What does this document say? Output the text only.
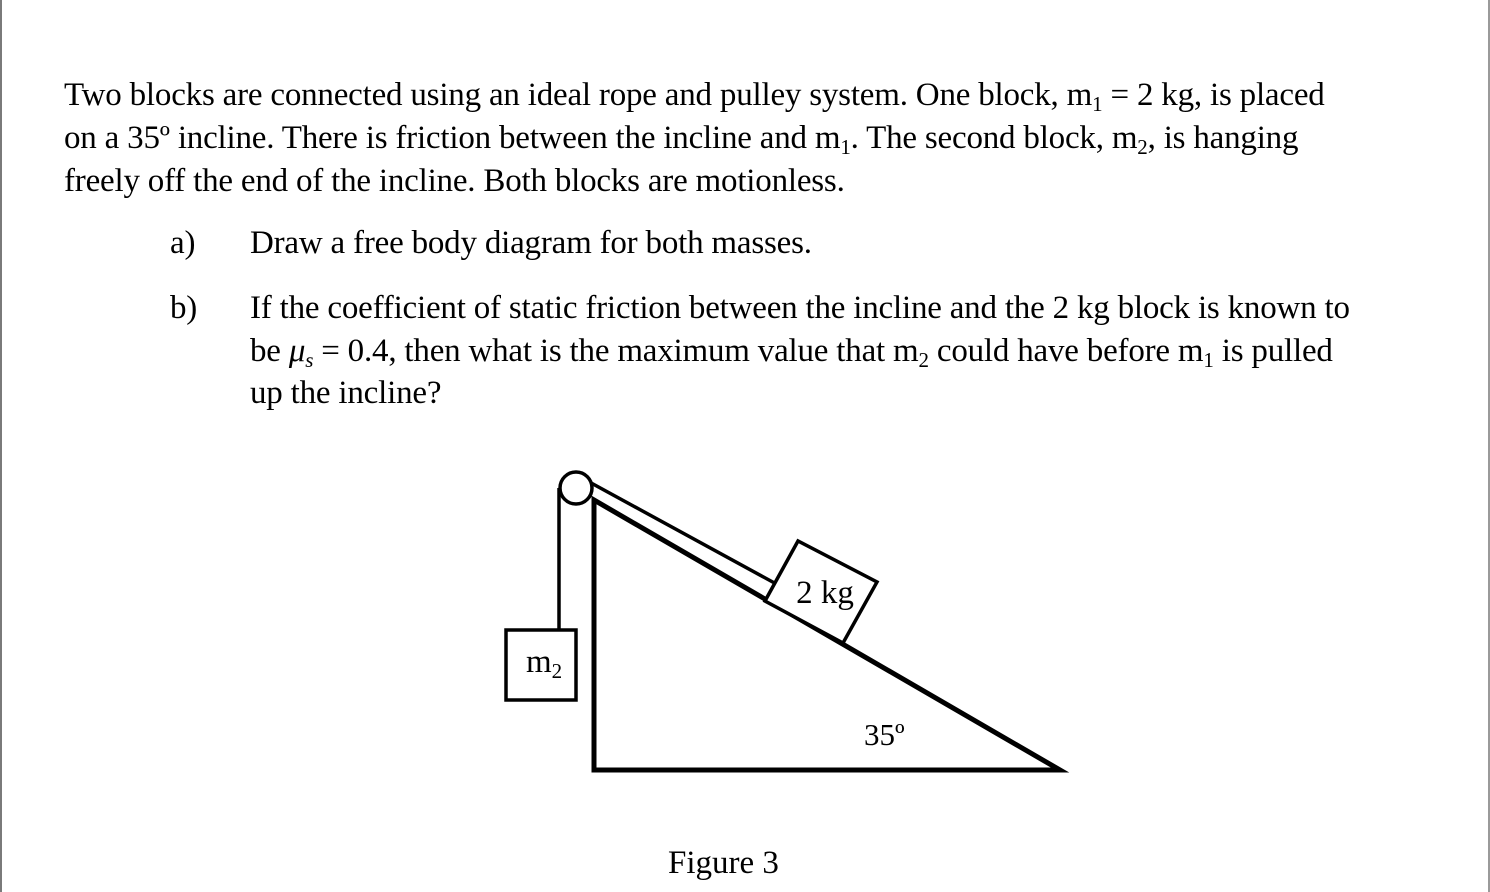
Two blocks are connected using an ideal rope and pulley system. One block, $m_1 = 2$ kg, is placed
on a 35º incline. There is friction between the incline and $m_1$. The second block, $m_2$, is hanging
freely off the end of the incline. Both blocks are motionless.
a) Draw a free body diagram for both masses.
b) If the coefficient of static friction between the incline and the 2 kg block is known to
be $\mu_s = 0.4$, then what is the maximum value that $m_2$ could have before $m_1$ is pulled
up the incline?
2 kg
m2
35º
Figure 3
